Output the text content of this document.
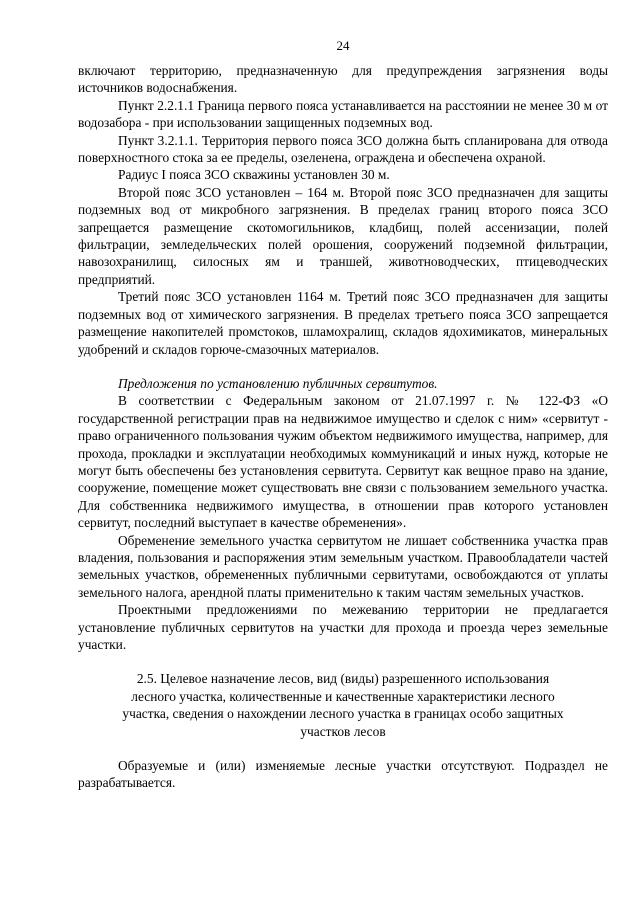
24

включают территорию, предназначенную для предупреждения загрязнения воды источников водоснабжения.

Пункт 2.2.1.1 Граница первого пояса устанавливается на расстоянии не менее 30 м от водозабора - при использовании защищенных подземных вод.

Пункт 3.2.1.1. Территория первого пояса ЗСО должна быть спланирована для отвода поверхностного стока за ее пределы, озеленена, ограждена и обеспечена охраной.

Радиус I пояса ЗСО скважины установлен 30 м.

Второй пояс ЗСО установлен – 164 м. Второй пояс ЗСО предназначен для защиты подземных вод от микробного загрязнения. В пределах границ второго пояса ЗСО запрещается размещение скотомогильников, кладбищ, полей ассенизации, полей фильтрации, земледельческих полей орошения, сооружений подземной фильтрации, навозохранилищ, силосных ям и траншей, животноводческих, птицеводческих предприятий.

Третий пояс ЗСО установлен 1164 м. Третий пояс ЗСО предназначен для защиты подземных вод от химического загрязнения. В пределах третьего пояса ЗСО запрещается размещение накопителей промстоков, шламохралищ, складов ядохимикатов, минеральных удобрений и складов горюче-смазочных материалов.

Предложения по установлению публичных сервитутов.

В соответствии с Федеральным законом от 21.07.1997 г. № 122-ФЗ «О государственной регистрации прав на недвижимое имущество и сделок с ним» «сервитут - право ограниченного пользования чужим объектом недвижимого имущества, например, для прохода, прокладки и эксплуатации необходимых коммуникаций и иных нужд, которые не могут быть обеспечены без установления сервитута. Сервитут как вещное право на здание, сооружение, помещение может существовать вне связи с пользованием земельного участка. Для собственника недвижимого имущества, в отношении прав которого установлен сервитут, последний выступает в качестве обременения».

Обременение земельного участка сервитутом не лишает собственника участка прав владения, пользования и распоряжения этим земельным участком. Правообладатели частей земельных участков, обремененных публичными сервитутами, освобождаются от уплаты земельного налога, арендной платы применительно к таким частям земельных участков.

Проектными предложениями по межеванию территории не предлагается установление публичных сервитутов на участки для прохода и проезда через земельные участки.

2.5. Целевое назначение лесов, вид (виды) разрешенного использования лесного участка, количественные и качественные характеристики лесного участка, сведения о нахождении лесного участка в границах особо защитных участков лесов

Образуемые и (или) изменяемые лесные участки отсутствуют. Подраздел не разрабатывается.
